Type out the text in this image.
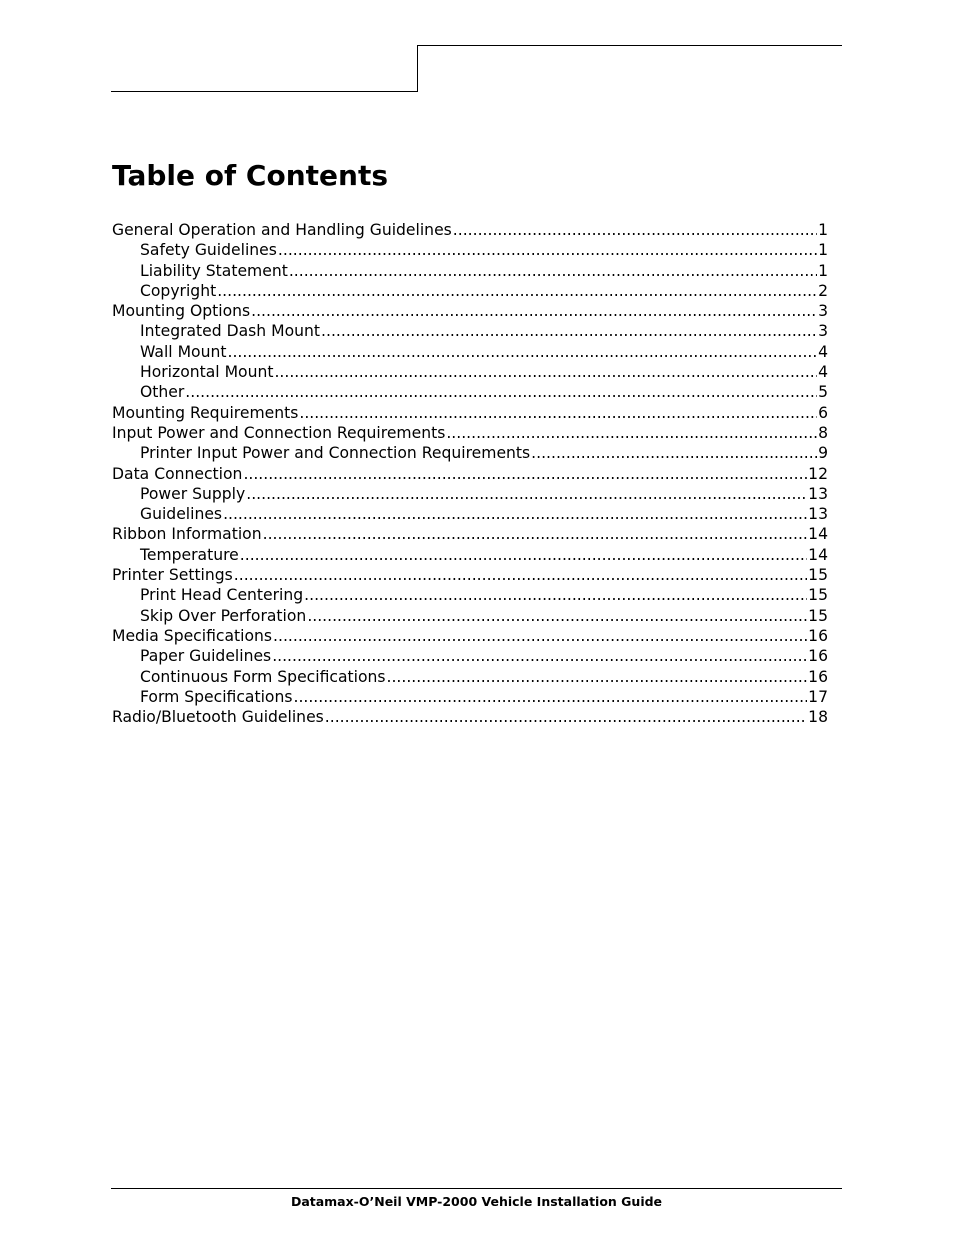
Table of Contents
General Operation and Handling Guidelines .....	1
Safety Guidelines .....	1
Liability Statement .....	1
Copyright .....	2
Mounting Options .....	3
Integrated Dash Mount .....	3
Wall Mount .....	4
Horizontal Mount .....	4
Other .....	5
Mounting Requirements .....	6
Input Power and Connection Requirements .....	8
Printer Input Power and Connection Requirements .....	9
Data Connection .....	12
Power Supply .....	13
Guidelines .....	13
Ribbon Information .....	14
Temperature .....	14
Printer Settings .....	15
Print Head Centering .....	15
Skip Over Perforation .....	15
Media Specifications .....	16
Paper Guidelines .....	16
Continuous Form Specifications .....	16
Form Specifications .....	17
Radio/Bluetooth Guidelines .....	18
Datamax-O’Neil VMP-2000 Vehicle Installation Guide
